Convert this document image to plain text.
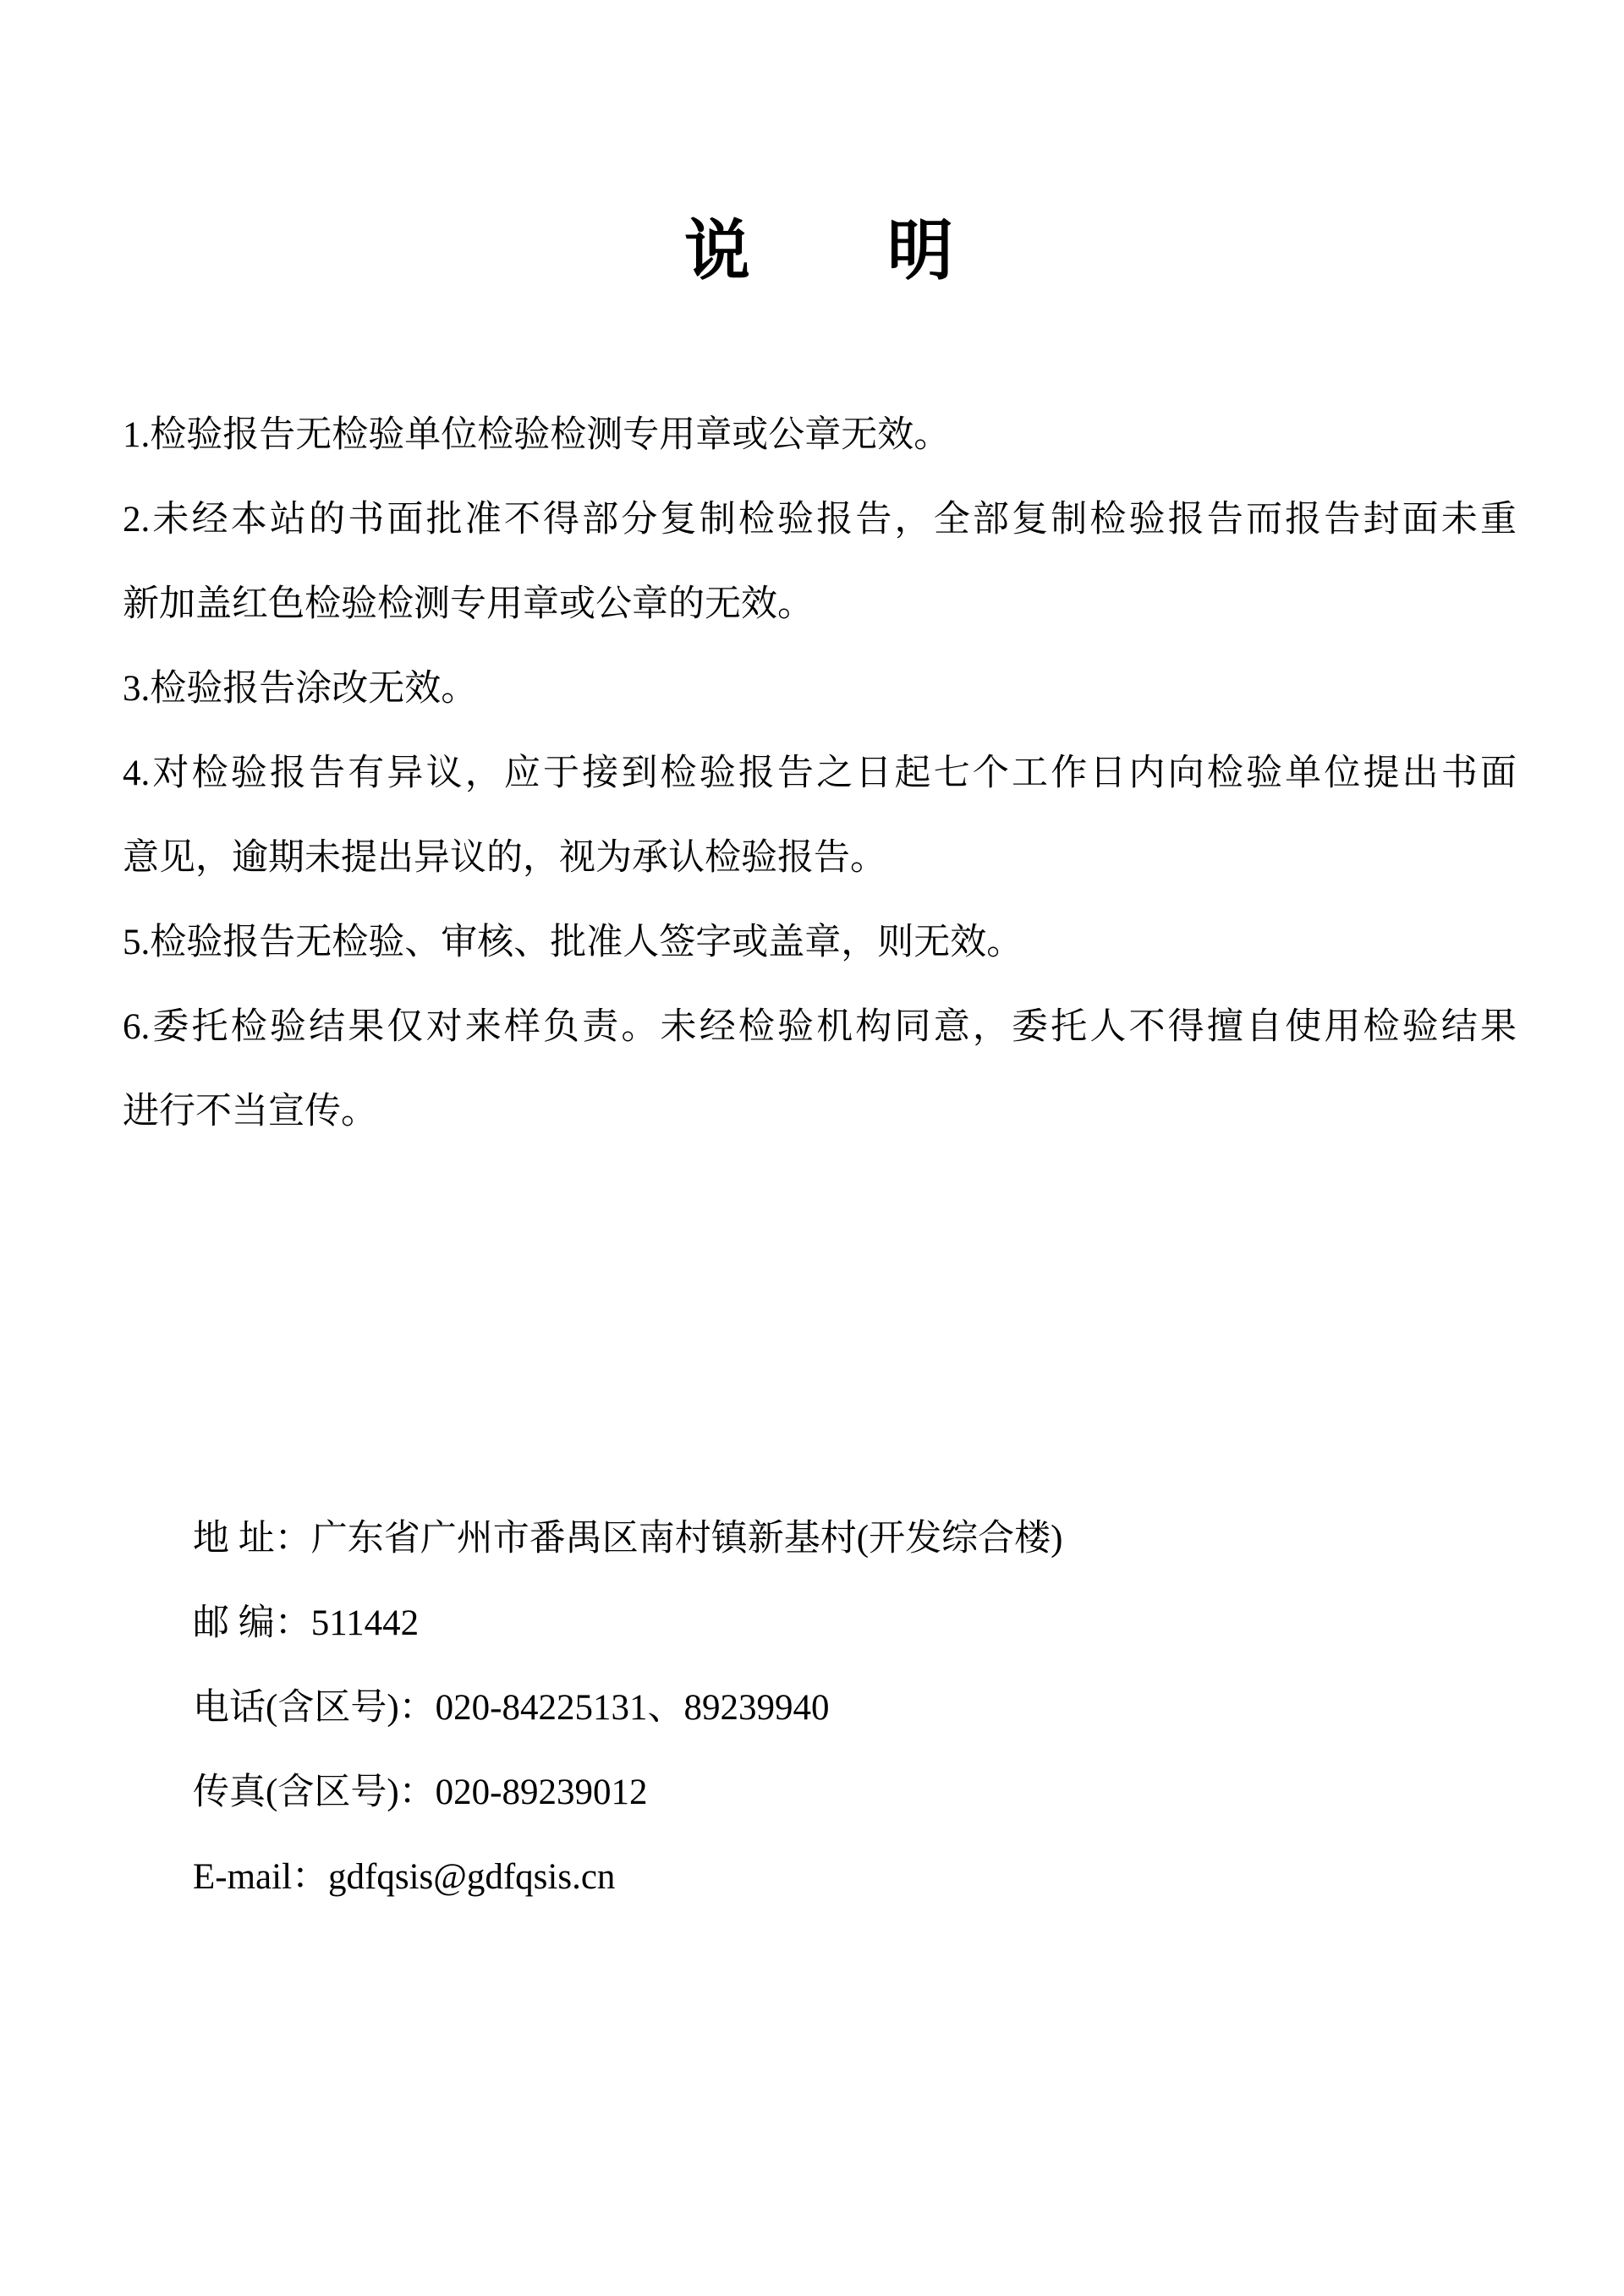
说　　明

1.检验报告无检验单位检验检测专用章或公章无效。

2.未经本站的书面批准不得部分复制检验报告，全部复制检验报告而报告封面未重

新加盖红色检验检测专用章或公章的无效。

3.检验报告涂改无效。

4.对检验报告有异议，应于接到检验报告之日起七个工作日内向检验单位提出书面

意见，逾期未提出异议的，视为承认检验报告。

5.检验报告无检验、审核、批准人签字或盖章，则无效。

6.委托检验结果仅对来样负责。未经检验机构同意，委托人不得擅自使用检验结果

进行不当宣传。

地 址：广东省广州市番禺区南村镇新基村(开发综合楼)

邮 编：511442

电话(含区号)：020-84225131、89239940

传真(含区号)：020-89239012

E-mail：gdfqsis@gdfqsis.cn
